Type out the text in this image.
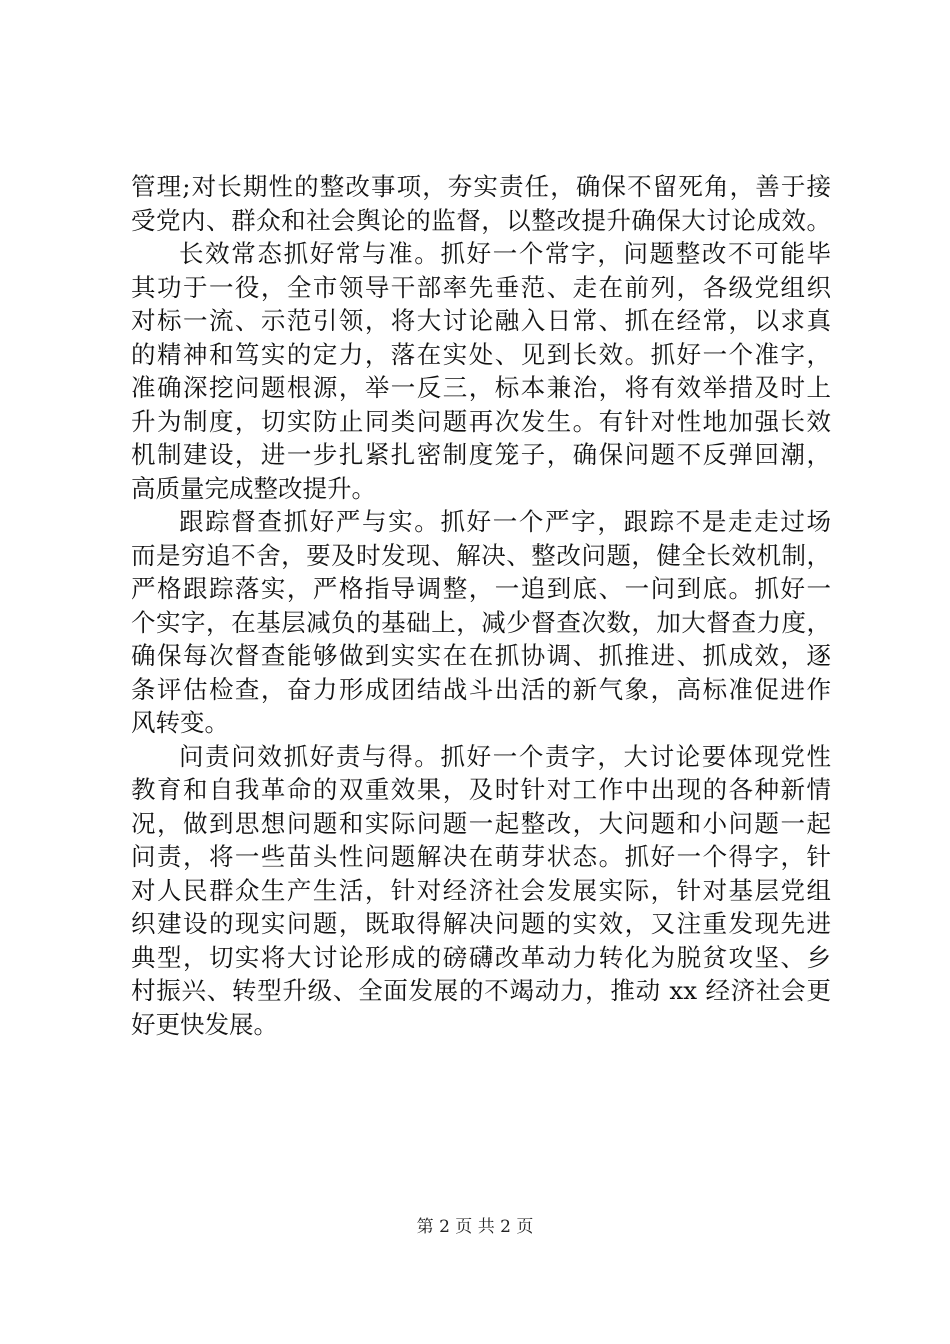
管理;对长期性的整改事项，夯实责任，确保不留死角，善于接
受党内、群众和社会舆论的监督，以整改提升确保大讨论成效。
长效常态抓好常与准。抓好一个常字，问题整改不可能毕
其功于一役，全市领导干部率先垂范、走在前列，各级党组织
对标一流、示范引领，将大讨论融入日常、抓在经常，以求真
的精神和笃实的定力，落在实处、见到长效。抓好一个准字，
准确深挖问题根源，举一反三，标本兼治，将有效举措及时上
升为制度，切实防止同类问题再次发生。有针对性地加强长效
机制建设，进一步扎紧扎密制度笼子，确保问题不反弹回潮，
高质量完成整改提升。
跟踪督查抓好严与实。抓好一个严字，跟踪不是走走过场
而是穷追不舍，要及时发现、解决、整改问题，健全长效机制，
严格跟踪落实，严格指导调整，一追到底、一问到底。抓好一
个实字，在基层减负的基础上，减少督查次数，加大督查力度，
确保每次督查能够做到实实在在抓协调、抓推进、抓成效，逐
条评估检查，奋力形成团结战斗出活的新气象，高标准促进作
风转变。
问责问效抓好责与得。抓好一个责字，大讨论要体现党性
教育和自我革命的双重效果，及时针对工作中出现的各种新情
况，做到思想问题和实际问题一起整改，大问题和小问题一起
问责，将一些苗头性问题解决在萌芽状态。抓好一个得字，针
对人民群众生产生活，针对经济社会发展实际，针对基层党组
织建设的现实问题，既取得解决问题的实效，又注重发现先进
典型，切实将大讨论形成的磅礴改革动力转化为脱贫攻坚、乡
村振兴、转型升级、全面发展的不竭动力，推动 xx 经济社会更
好更快发展。
第 2 页 共 2 页
